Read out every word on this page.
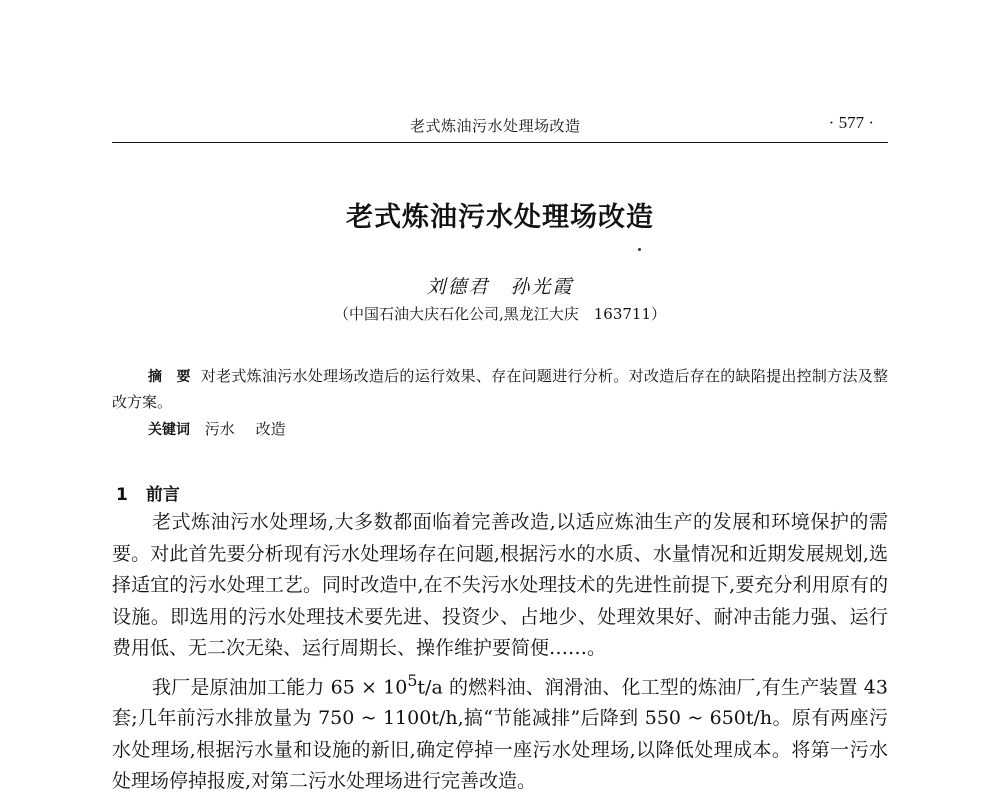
老式炼油污水处理场改造	· 577 ·
老式炼油污水处理场改造
刘德君　孙光霞
（中国石油大庆石化公司,黑龙江大庆　163711）
摘　要 对老式炼油污水处理场改造后的运行效果、存在问题进行分析。对改造后存在的缺陷提出控制方法及整改方案。
关键词 污水 改造
1 前言

老式炼油污水处理场,大多数都面临着完善改造,以适应炼油生产的发展和环境保护的需要。对此首先要分析现有污水处理场存在问题,根据污水的水质、水量情况和近期发展规划,选择适宜的污水处理工艺。同时改造中,在不失污水处理技术的先进性前提下,要充分利用原有的设施。即选用的污水处理技术要先进、投资少、占地少、处理效果好、耐冲击能力强、运行费用低、无二次无染、运行周期长、操作维护要简便……。

我厂是原油加工能力 $65 \times 10^5t/a$ 的燃料油、润滑油、化工型的炼油厂,有生产装置 43 套;几年前污水排放量为 750 ~ 1100t/h,搞“节能减排”后降到 550 ~ 650t/h。原有两座污水处理场,根据污水量和设施的新旧,确定停掉一座污水处理场,以降低处理成本。将第一污水处理场停掉报废,对第二污水处理场进行完善改造。
